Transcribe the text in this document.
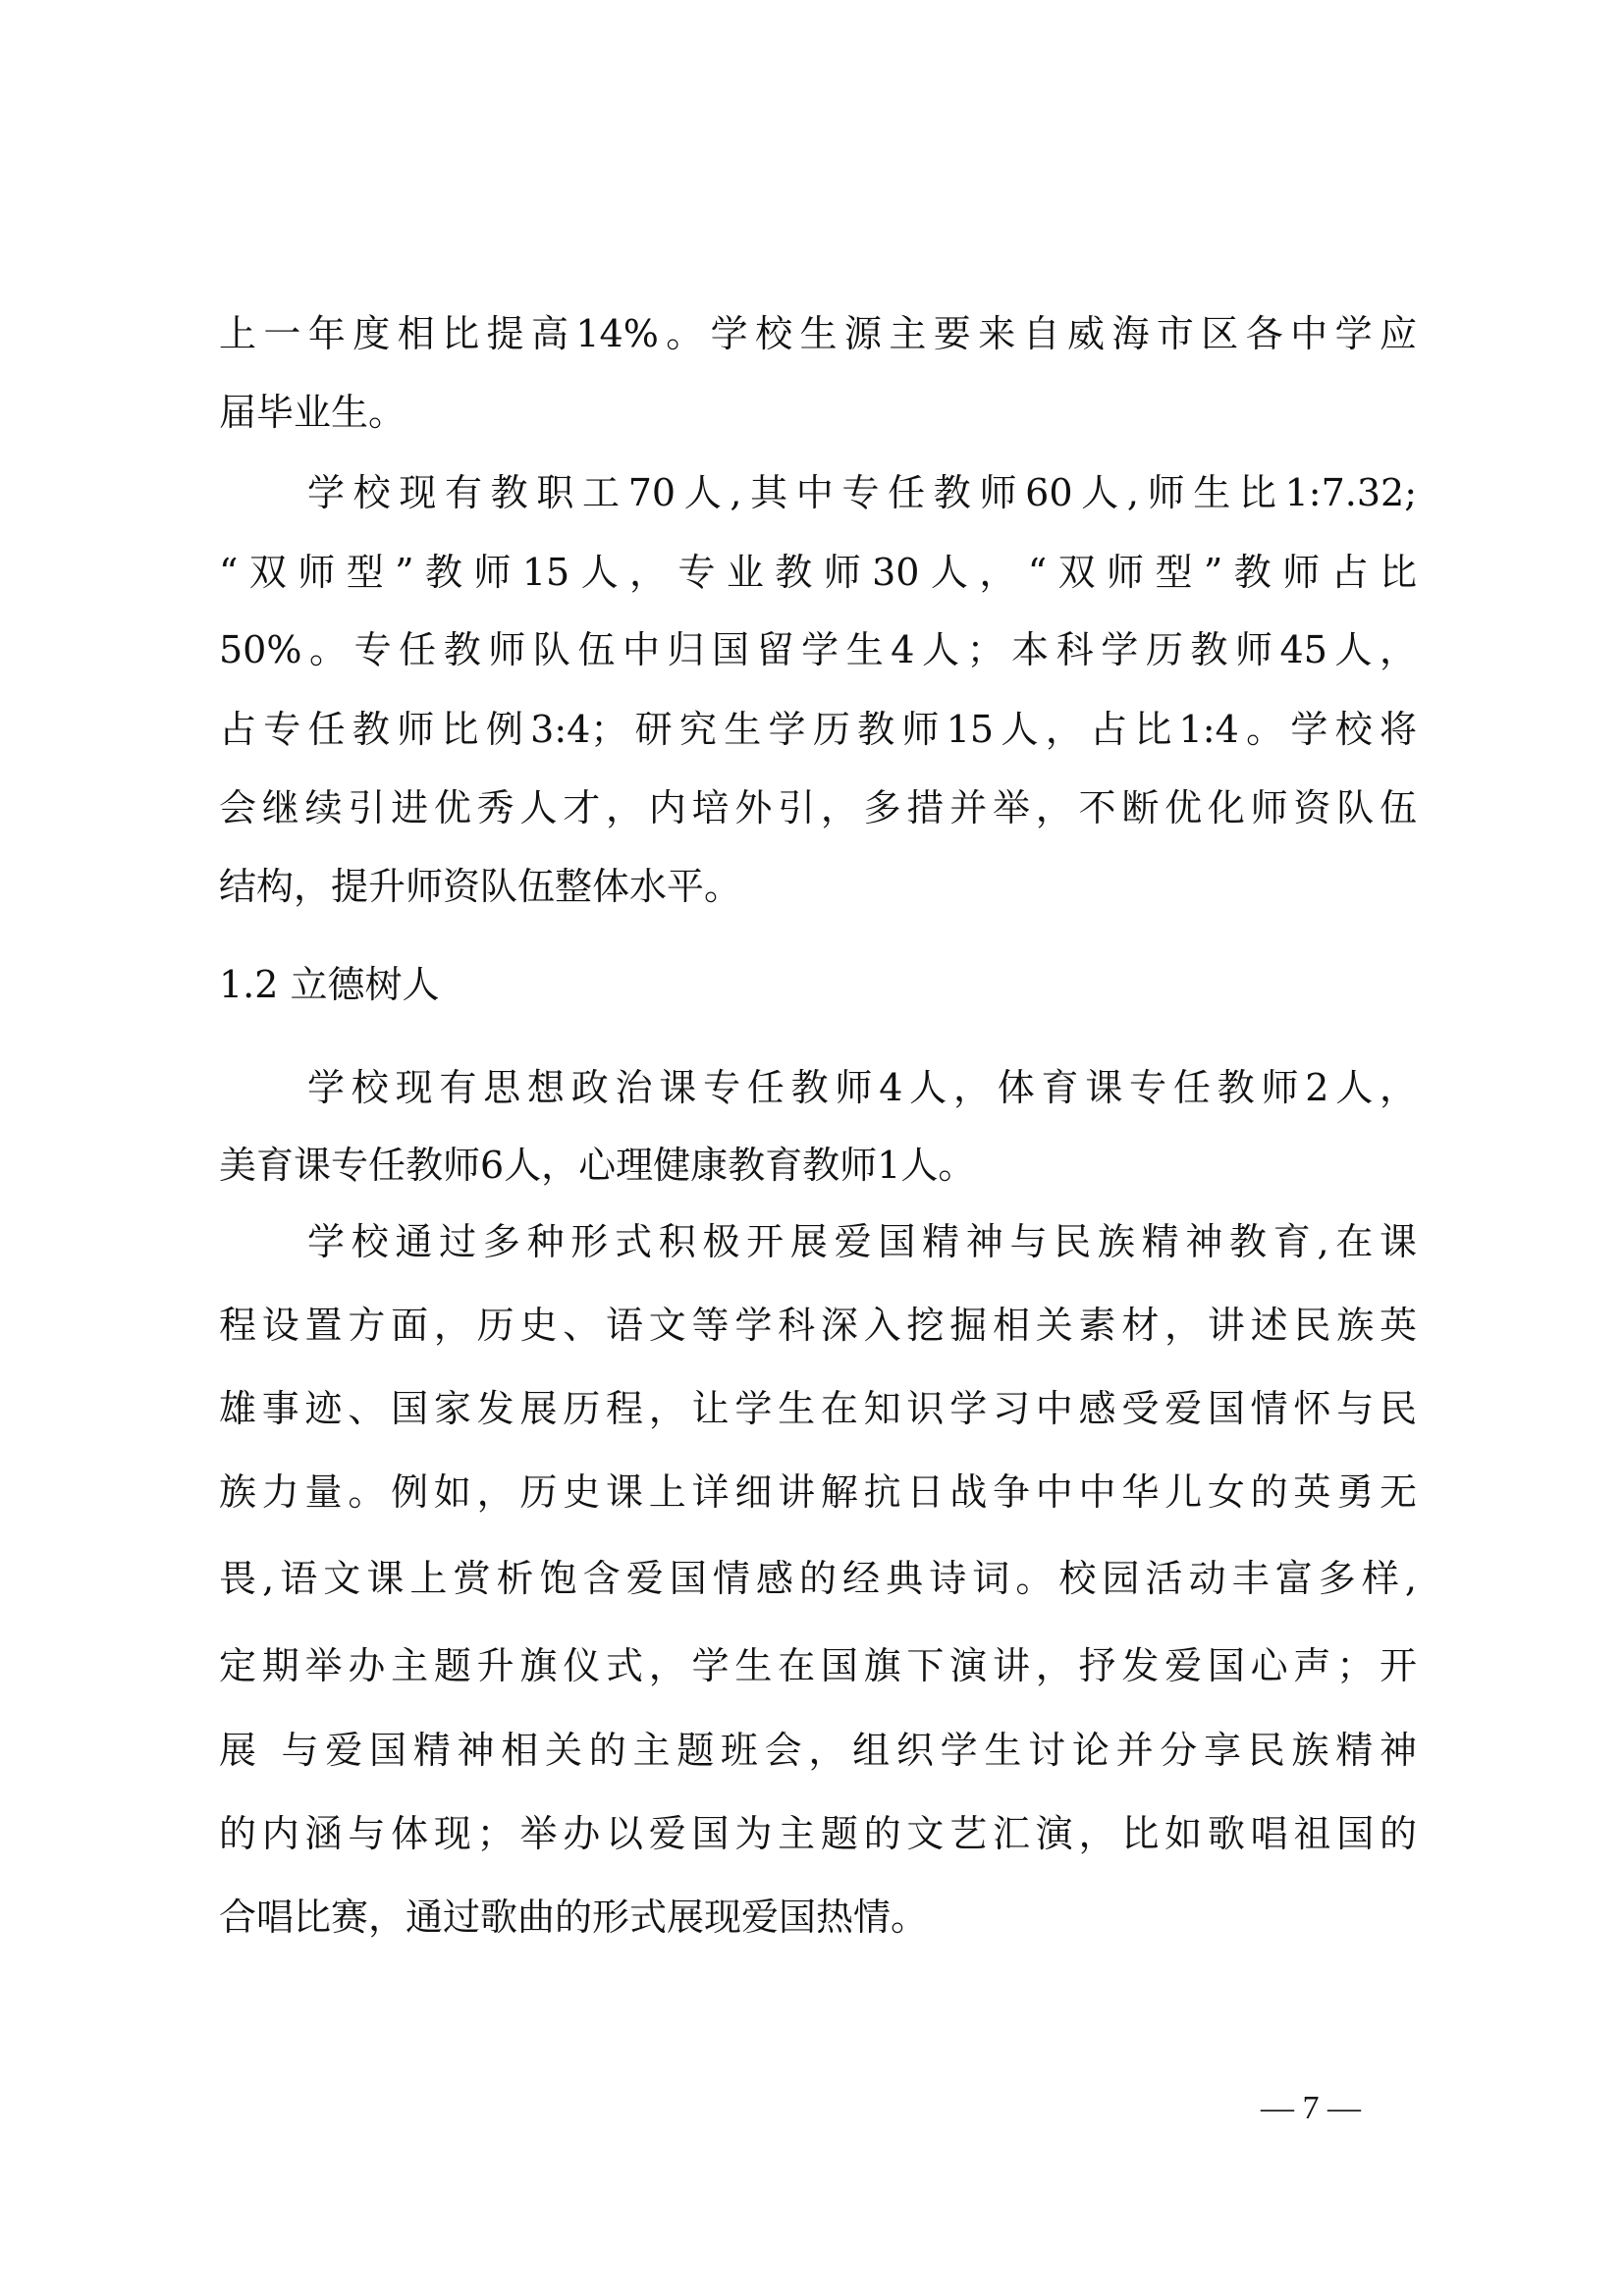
上一年度相比提高14%。学校生源主要来自威海市区各中学应
届毕业生。
学校现有教职工70人,其中专任教师60人,师生比1:7.32;
“双师型”教师15人，专业教师30人，“双师型”教师占比
50%。专任教师队伍中归国留学生4人；本科学历教师45人，
占专任教师比例3:4；研究生学历教师15人，占比1:4。学校将
会继续引进优秀人才，内培外引，多措并举，不断优化师资队伍
结构，提升师资队伍整体水平。
1.2 立德树人
学校现有思想政治课专任教师4人，体育课专任教师2人，
美育课专任教师6人，心理健康教育教师1人。
学校通过多种形式积极开展爱国精神与民族精神教育,在课
程设置方面，历史、语文等学科深入挖掘相关素材，讲述民族英
雄事迹、国家发展历程，让学生在知识学习中感受爱国情怀与民
族力量。例如，历史课上详细讲解抗日战争中中华儿女的英勇无
畏,语文课上赏析饱含爱国情感的经典诗词。校园活动丰富多样,
定期举办主题升旗仪式，学生在国旗下演讲，抒发爱国心声；开
展 与爱国精神相关的主题班会，组织学生讨论并分享民族精神
的内涵与体现；举办以爱国为主题的文艺汇演，比如歌唱祖国的
合唱比赛，通过歌曲的形式展现爱国热情。
— 7 —
